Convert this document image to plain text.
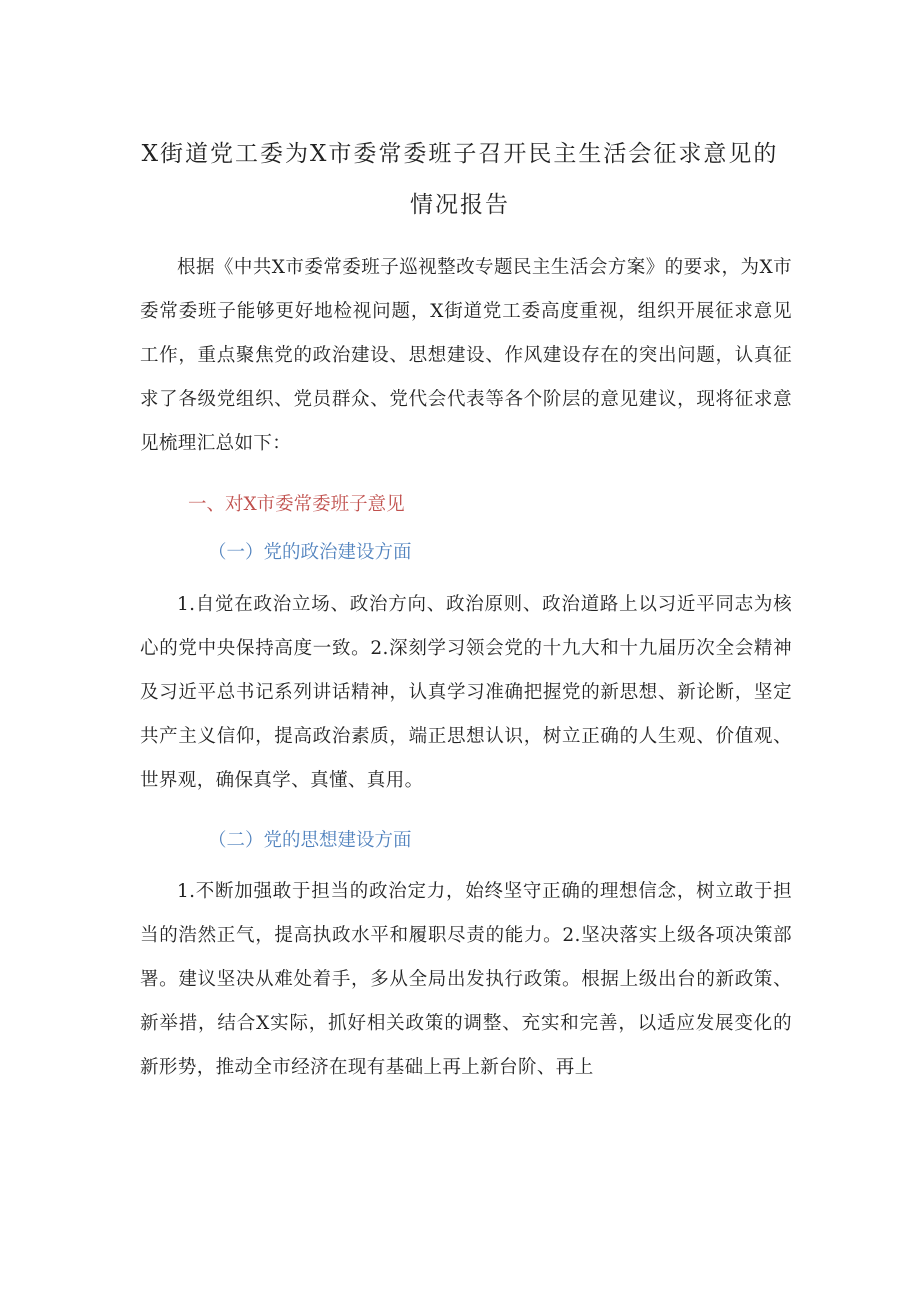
X街道党工委为X市委常委班子召开民主生活会征求意见的
情况报告

根据《中共X市委常委班子巡视整改专题民主生活会方案》的要求，为X市委常委班子能够更好地检视问题，X街道党工委高度重视，组织开展征求意见工作，重点聚焦党的政治建设、思想建设、作风建设存在的突出问题，认真征求了各级党组织、党员群众、党代会代表等各个阶层的意见建议，现将征求意见梳理汇总如下：

一、对X市委常委班子意见
（一）党的政治建设方面

1.自觉在政治立场、政治方向、政治原则、政治道路上以习近平同志为核心的党中央保持高度一致。2.深刻学习领会党的十九大和十九届历次全会精神及习近平总书记系列讲话精神，认真学习准确把握党的新思想、新论断，坚定共产主义信仰，提高政治素质，端正思想认识，树立正确的人生观、价值观、世界观，确保真学、真懂、真用。

（二）党的思想建设方面

1.不断加强敢于担当的政治定力，始终坚守正确的理想信念，树立敢于担当的浩然正气，提高执政水平和履职尽责的能力。2.坚决落实上级各项决策部署。建议坚决从难处着手，多从全局出发执行政策。根据上级出台的新政策、新举措，结合X实际，抓好相关政策的调整、充实和完善，以适应发展变化的新形势，推动全市经济在现有基础上再上新台阶、再上
